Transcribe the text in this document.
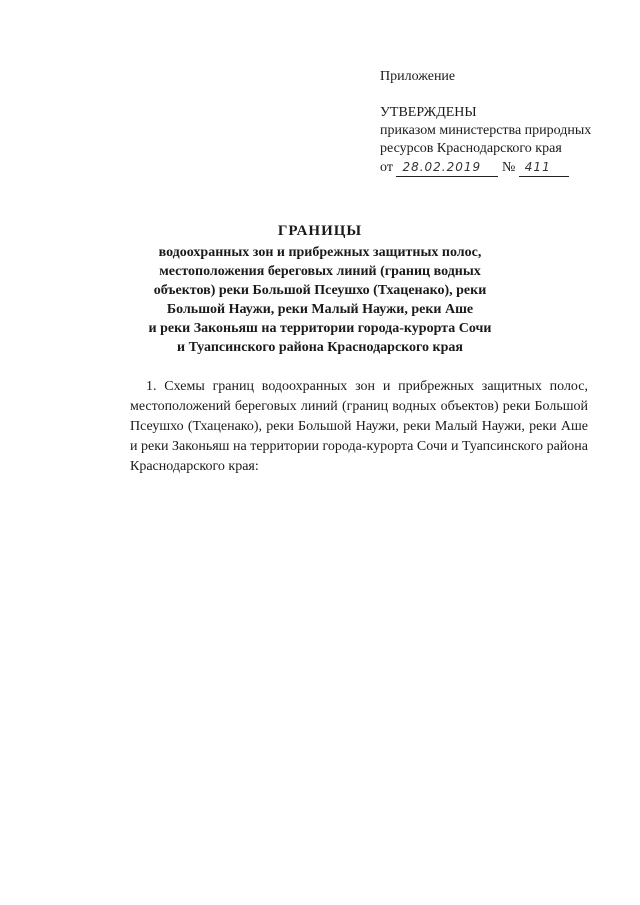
Приложение
УТВЕРЖДЕНЫ
приказом министерства природных
ресурсов Краснодарского края
от 28.02.2019 № 411
ГРАНИЦЫ
водоохранных зон и прибрежных защитных полос,
местоположения береговых линий (границ водных
объектов) реки Большой Псеушхо (Тхаценако), реки
Большой Наужи, реки Малый Наужи, реки Аше
и реки Законьяш на территории города-курорта Сочи
и Туапсинского района Краснодарского края

1. Схемы границ водоохранных зон и прибрежных защитных полос, местоположений береговых линий (границ водных объектов) реки Большой Псеушхо (Тхаценако), реки Большой Наужи, реки Малый Наужи, реки Аше и реки Законьяш на территории города-курорта Сочи и Туапсинского района Краснодарского края:
